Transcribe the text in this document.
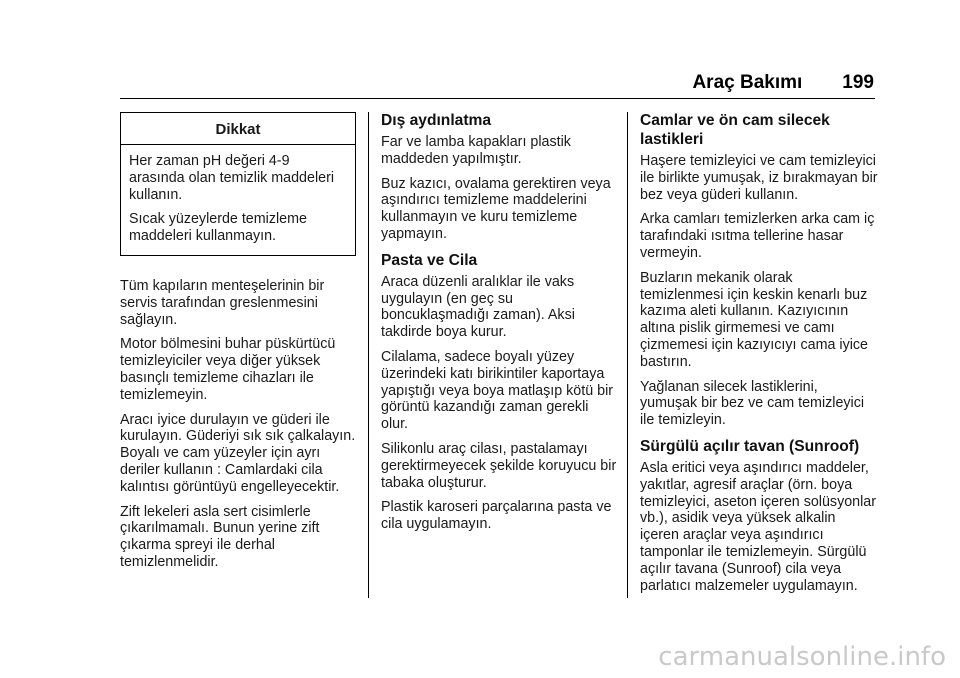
Araç Bakımı 199
Dikkat

Her zaman pH değeri 4-9 arasında olan temizlik maddeleri kullanın.

Sıcak yüzeylerde temizleme maddeleri kullanmayın.

Tüm kapıların menteşelerinin bir servis tarafından greslenmesini sağlayın.

Motor bölmesini buhar püskürtücü temizleyiciler veya diğer yüksek basınçlı temizleme cihazları ile temizlemeyin.

Aracı iyice durulayın ve güderi ile kurulayın. Güderiyi sık sık çalkalayın. Boyalı ve cam yüzeyler için ayrı deriler kullanın : Camlardaki cila kalıntısı görüntüyü engelleyecektir.

Zift lekeleri asla sert cisimlerle çıkarılmamalı. Bunun yerine zift çıkarma spreyi ile derhal temizlenmelidir.

Dış aydınlatma

Far ve lamba kapakları plastik maddeden yapılmıştır.

Buz kazıcı, ovalama gerektiren veya aşındırıcı temizleme maddelerini kullanmayın ve kuru temizleme yapmayın.

Pasta ve Cila

Araca düzenli aralıklar ile vaks uygulayın (en geç su boncuklaşmadığı zaman). Aksi takdirde boya kurur.

Cilalama, sadece boyalı yüzey üzerindeki katı birikintiler kaportaya yapıştığı veya boya matlaşıp kötü bir görüntü kazandığı zaman gerekli olur.

Silikonlu araç cilası, pastalamayı gerektirmeyecek şekilde koruyucu bir tabaka oluşturur.

Plastik karoseri parçalarına pasta ve cila uygulamayın.

Camlar ve ön cam silecek lastikleri

Haşere temizleyici ve cam temizleyici ile birlikte yumuşak, iz bırakmayan bir bez veya güderi kullanın.

Arka camları temizlerken arka cam iç tarafındaki ısıtma tellerine hasar vermeyin.

Buzların mekanik olarak temizlenmesi için keskin kenarlı buz kazıma aleti kullanın. Kazıyıcının altına pislik girmemesi ve camı çizmemesi için kazıyıcıyı cama iyice bastırın.

Yağlanan silecek lastiklerini, yumuşak bir bez ve cam temizleyici ile temizleyin.

Sürgülü açılır tavan (Sunroof)

Asla eritici veya aşındırıcı maddeler, yakıtlar, agresif araçlar (örn. boya temizleyici, aseton içeren solüsyonlar vb.), asidik veya yüksek alkalin içeren araçlar veya aşındırıcı tamponlar ile temizlemeyin. Sürgülü açılır tavana (Sunroof) cila veya parlatıcı malzemeler uygulamayın.

carmanualsonline.info
